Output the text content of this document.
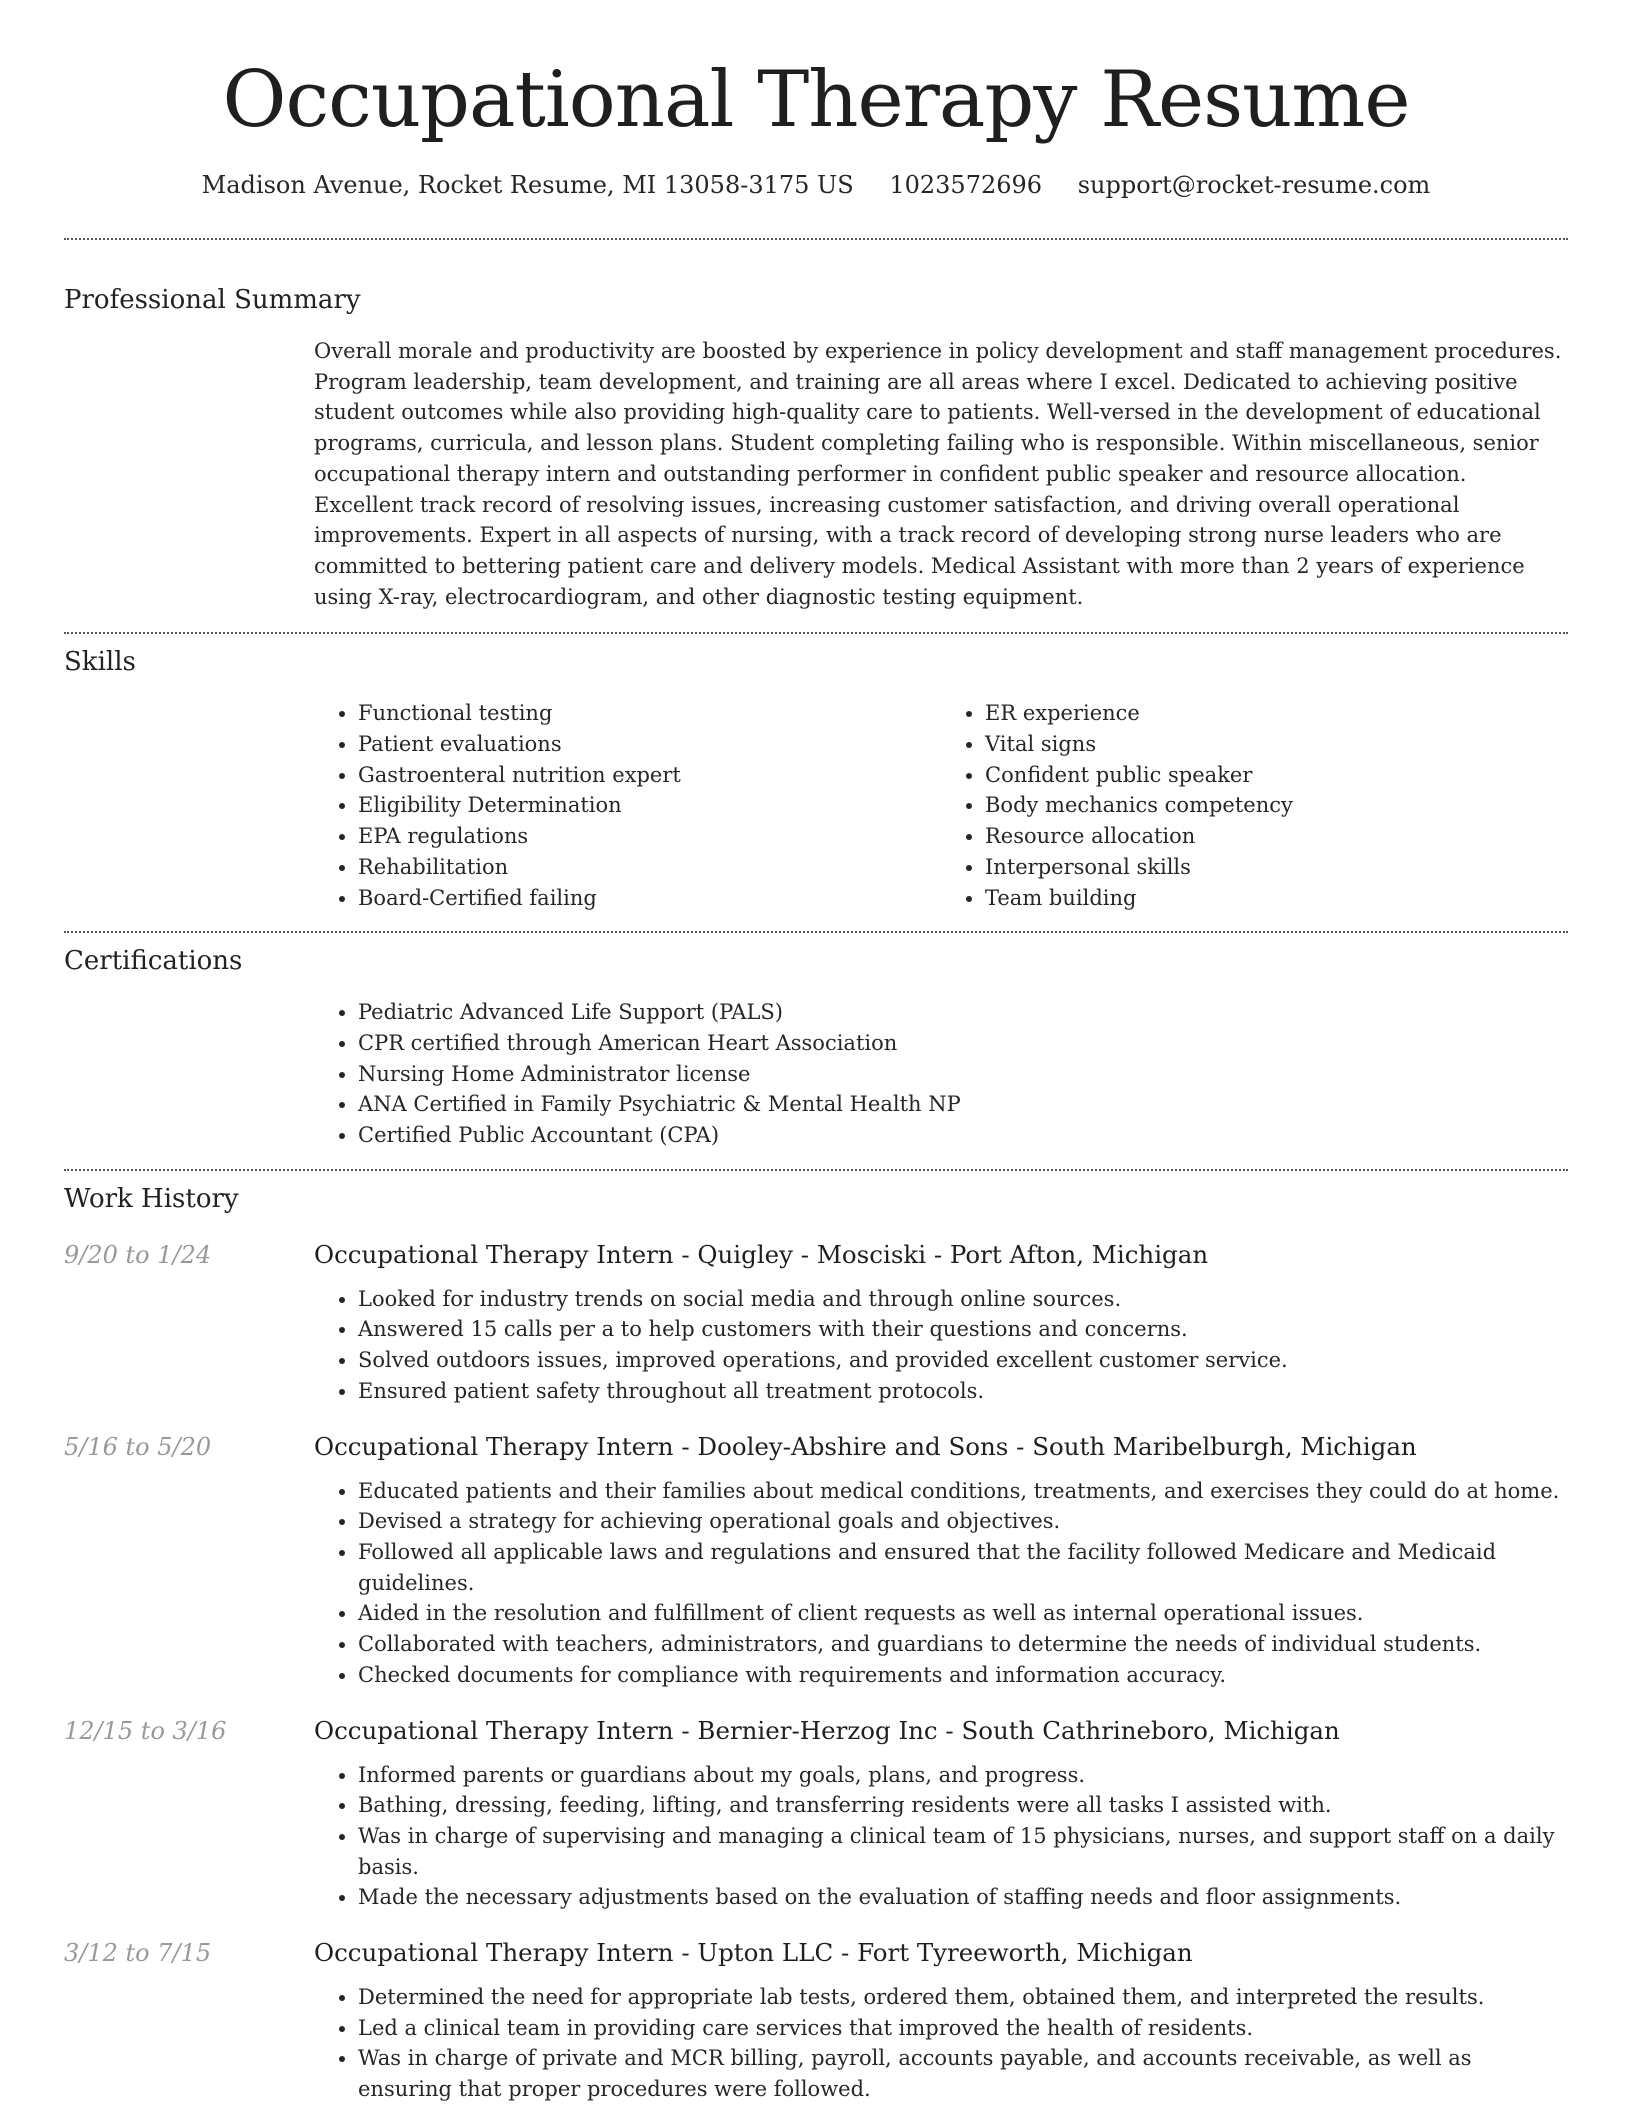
Occupational Therapy Resume
Madison Avenue, Rocket Resume, MI 13058-3175 US 1023572696 support@rocket-resume.com
Professional Summary
Overall morale and productivity are boosted by experience in policy development and staff management procedures. Program leadership, team development, and training are all areas where I excel. Dedicated to achieving positive student outcomes while also providing high-quality care to patients. Well-versed in the development of educational programs, curricula, and lesson plans. Student completing failing who is responsible. Within miscellaneous, senior occupational therapy intern and outstanding performer in confident public speaker and resource allocation. Excellent track record of resolving issues, increasing customer satisfaction, and driving overall operational improvements. Expert in all aspects of nursing, with a track record of developing strong nurse leaders who are committed to bettering patient care and delivery models. Medical Assistant with more than 2 years of experience using X-ray, electrocardiogram, and other diagnostic testing equipment.
Skills
• Functional testing
• Patient evaluations
• Gastroenteral nutrition expert
• Eligibility Determination
• EPA regulations
• Rehabilitation
• Board-Certified failing
• ER experience
• Vital signs
• Confident public speaker
• Body mechanics competency
• Resource allocation
• Interpersonal skills
• Team building
Certifications
• Pediatric Advanced Life Support (PALS)
• CPR certified through American Heart Association
• Nursing Home Administrator license
• ANA Certified in Family Psychiatric & Mental Health NP
• Certified Public Accountant (CPA)
Work History
9/20 to 1/24	Occupational Therapy Intern - Quigley - Mosciski - Port Afton, Michigan
• Looked for industry trends on social media and through online sources.
• Answered 15 calls per a to help customers with their questions and concerns.
• Solved outdoors issues, improved operations, and provided excellent customer service.
• Ensured patient safety throughout all treatment protocols.
5/16 to 5/20	Occupational Therapy Intern - Dooley-Abshire and Sons - South Maribelburgh, Michigan
• Educated patients and their families about medical conditions, treatments, and exercises they could do at home.
• Devised a strategy for achieving operational goals and objectives.
• Followed all applicable laws and regulations and ensured that the facility followed Medicare and Medicaid guidelines.
• Aided in the resolution and fulfillment of client requests as well as internal operational issues.
• Collaborated with teachers, administrators, and guardians to determine the needs of individual students.
• Checked documents for compliance with requirements and information accuracy.
12/15 to 3/16	Occupational Therapy Intern - Bernier-Herzog Inc - South Cathrineboro, Michigan
• Informed parents or guardians about my goals, plans, and progress.
• Bathing, dressing, feeding, lifting, and transferring residents were all tasks I assisted with.
• Was in charge of supervising and managing a clinical team of 15 physicians, nurses, and support staff on a daily basis.
• Made the necessary adjustments based on the evaluation of staffing needs and floor assignments.
3/12 to 7/15	Occupational Therapy Intern - Upton LLC - Fort Tyreeworth, Michigan
• Determined the need for appropriate lab tests, ordered them, obtained them, and interpreted the results.
• Led a clinical team in providing care services that improved the health of residents.
• Was in charge of private and MCR billing, payroll, accounts payable, and accounts receivable, as well as ensuring that proper procedures were followed.
